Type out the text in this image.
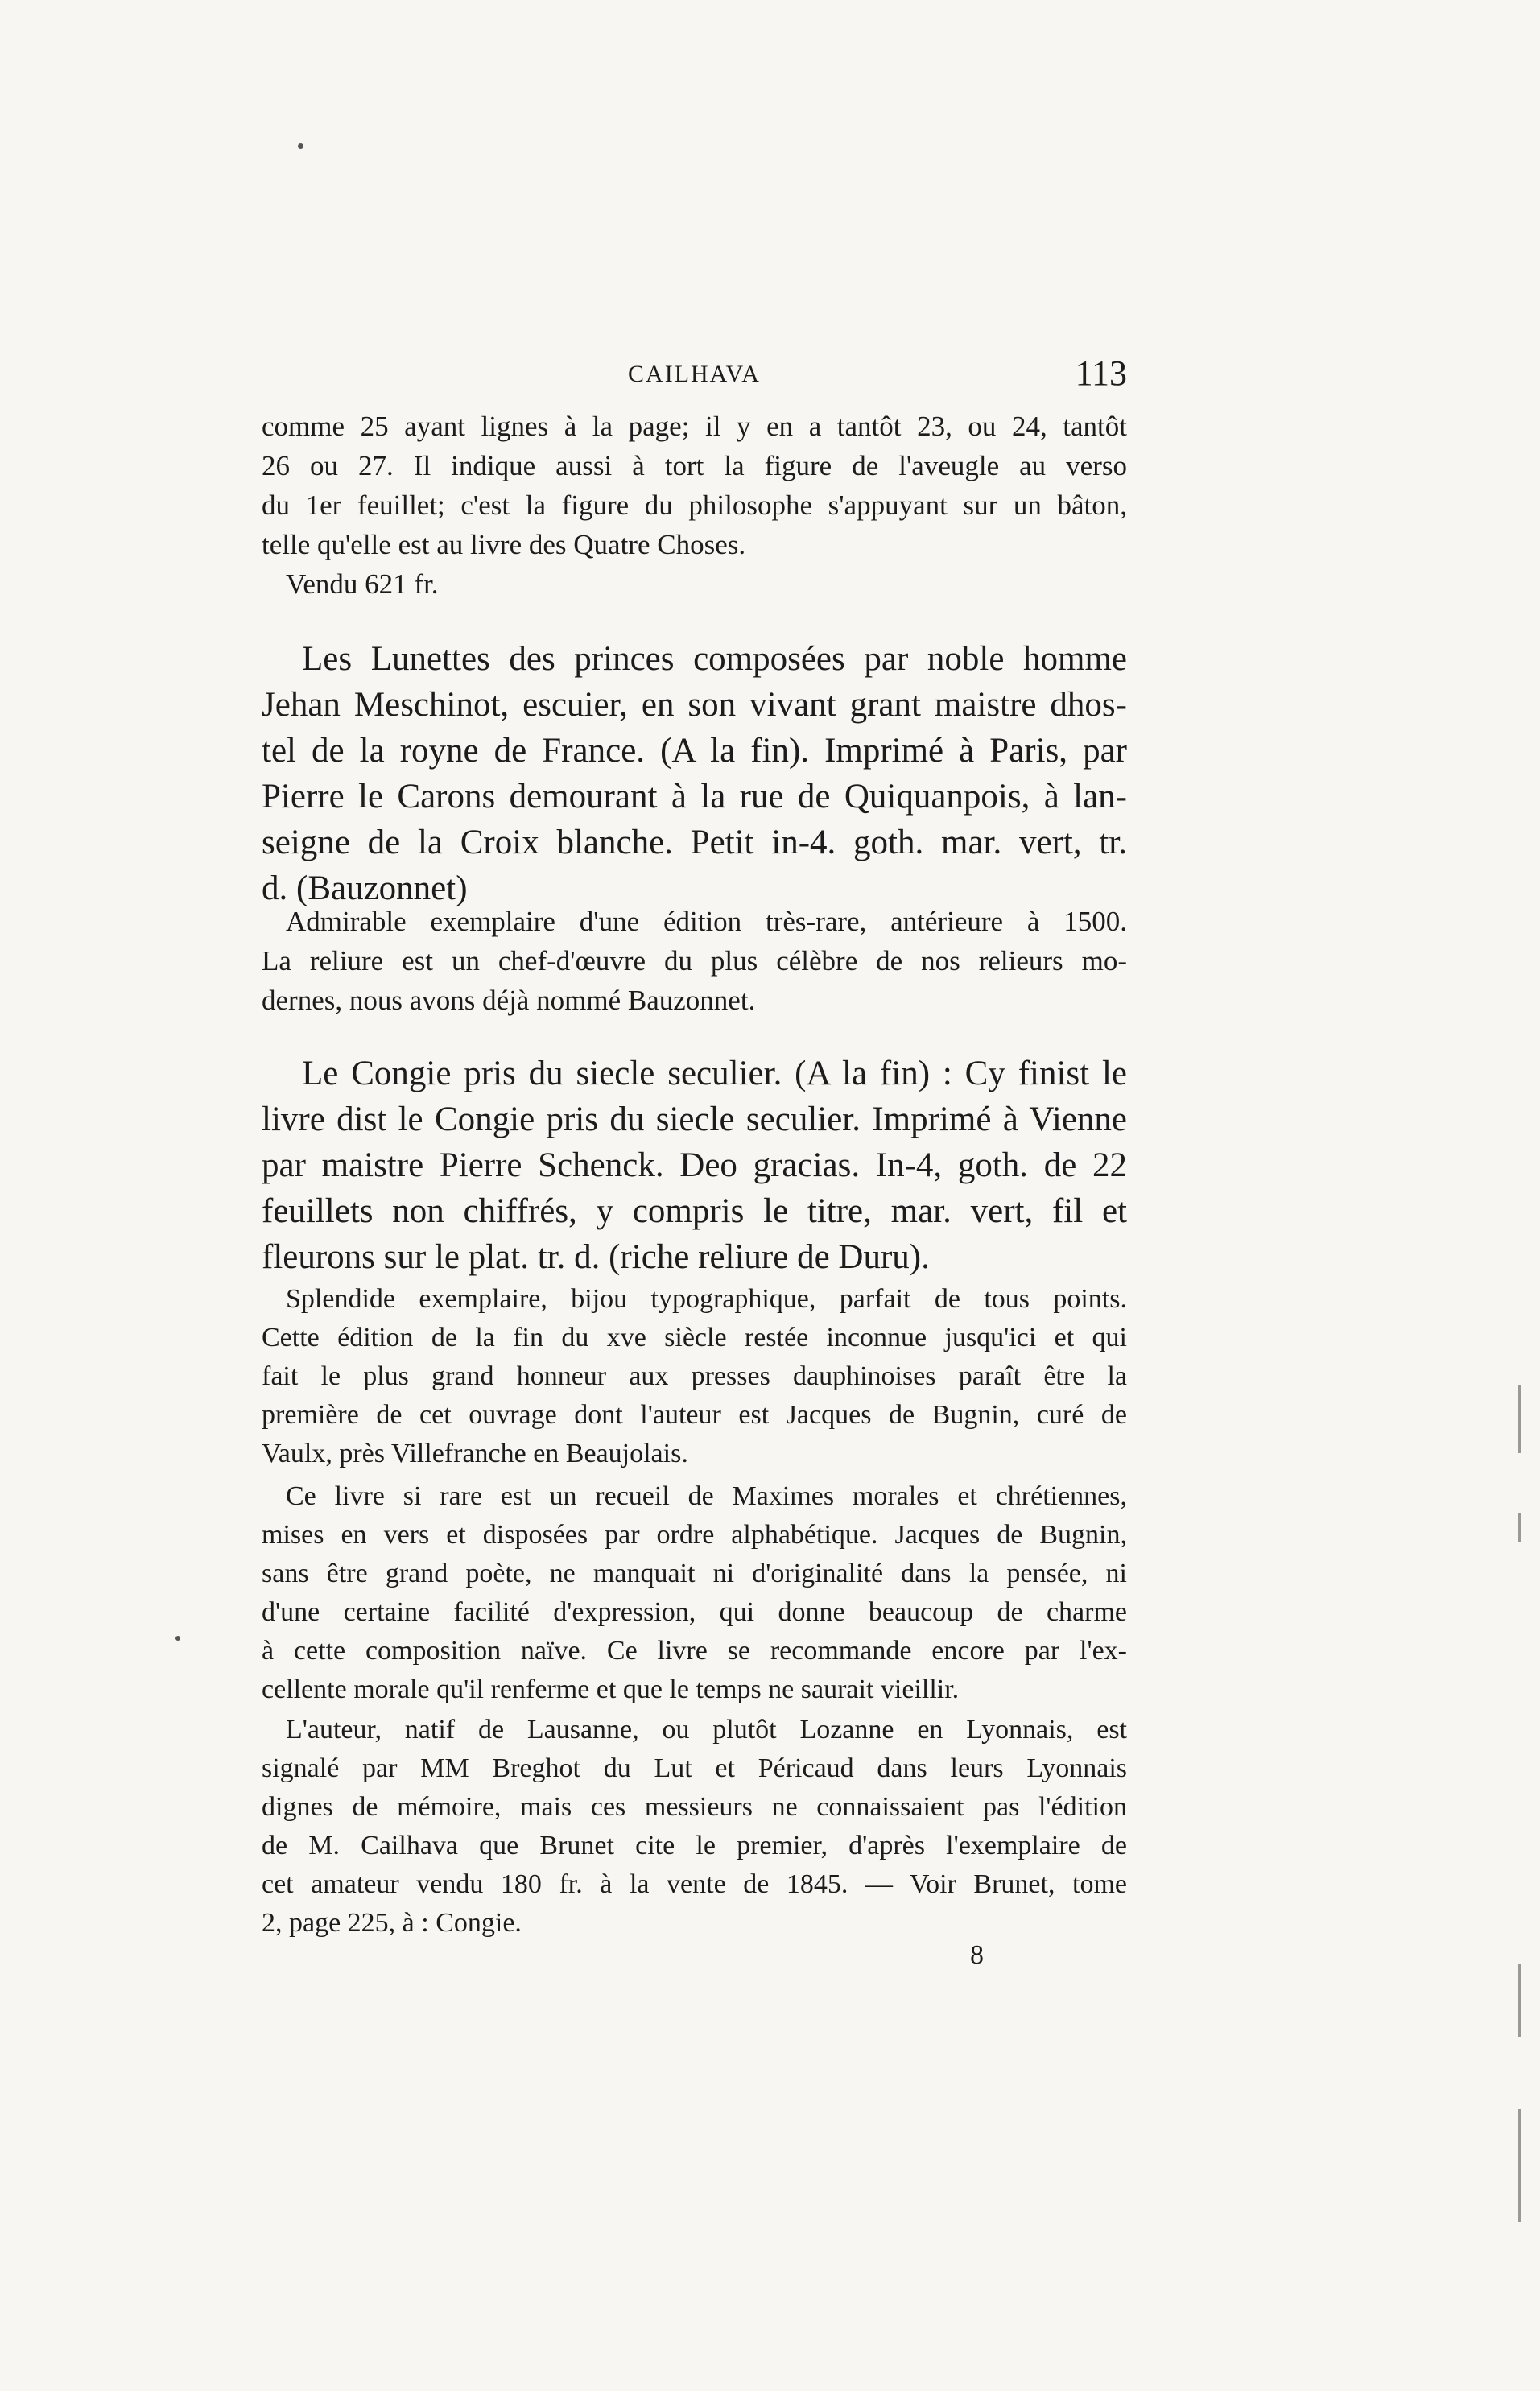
CAILHAVA	113
comme 25 ayant lignes à la page; il y en a tantôt 23, ou 24, tantôt
26 ou 27. Il indique aussi à tort la figure de l'aveugle au verso
du 1er feuillet; c'est la figure du philosophe s'appuyant sur un bâton,
telle qu'elle est au livre des Quatre Choses.
Vendu 621 fr.
Les Lunettes des princes composées par noble homme
Jehan Meschinot, escuier, en son vivant grant maistre dhos-
tel de la royne de France. (A la fin). Imprimé à Paris, par
Pierre le Carons demourant à la rue de Quiquanpois, à lan-
seigne de la Croix blanche. Petit in-4. goth. mar. vert, tr.
d. (Bauzonnet)
Admirable exemplaire d'une édition très-rare, antérieure à 1500.
La reliure est un chef-d'œuvre du plus célèbre de nos relieurs mo-
dernes, nous avons déjà nommé Bauzonnet.
Le Congie pris du siecle seculier. (A la fin) : Cy finist le
livre dist le Congie pris du siecle seculier. Imprimé à Vienne
par maistre Pierre Schenck. Deo gracias. In-4, goth. de 22
feuillets non chiffrés, y compris le titre, mar. vert, fil et
fleurons sur le plat. tr. d. (riche reliure de Duru).
Splendide exemplaire, bijou typographique, parfait de tous points.
Cette édition de la fin du xve siècle restée inconnue jusqu'ici et qui
fait le plus grand honneur aux presses dauphinoises paraît être la
première de cet ouvrage dont l'auteur est Jacques de Bugnin, curé de
Vaulx, près Villefranche en Beaujolais.
Ce livre si rare est un recueil de Maximes morales et chrétiennes,
mises en vers et disposées par ordre alphabétique. Jacques de Bugnin,
sans être grand poète, ne manquait ni d'originalité dans la pensée, ni
d'une certaine facilité d'expression, qui donne beaucoup de charme
à cette composition naïve. Ce livre se recommande encore par l'ex-
cellente morale qu'il renferme et que le temps ne saurait vieillir.
L'auteur, natif de Lausanne, ou plutôt Lozanne en Lyonnais, est
signalé par MM Breghot du Lut et Péricaud dans leurs Lyonnais
dignes de mémoire, mais ces messieurs ne connaissaient pas l'édition
de M. Cailhava que Brunet cite le premier, d'après l'exemplaire de
cet amateur vendu 180 fr. à la vente de 1845. — Voir Brunet, tome
2, page 225, à : Congie.
8
